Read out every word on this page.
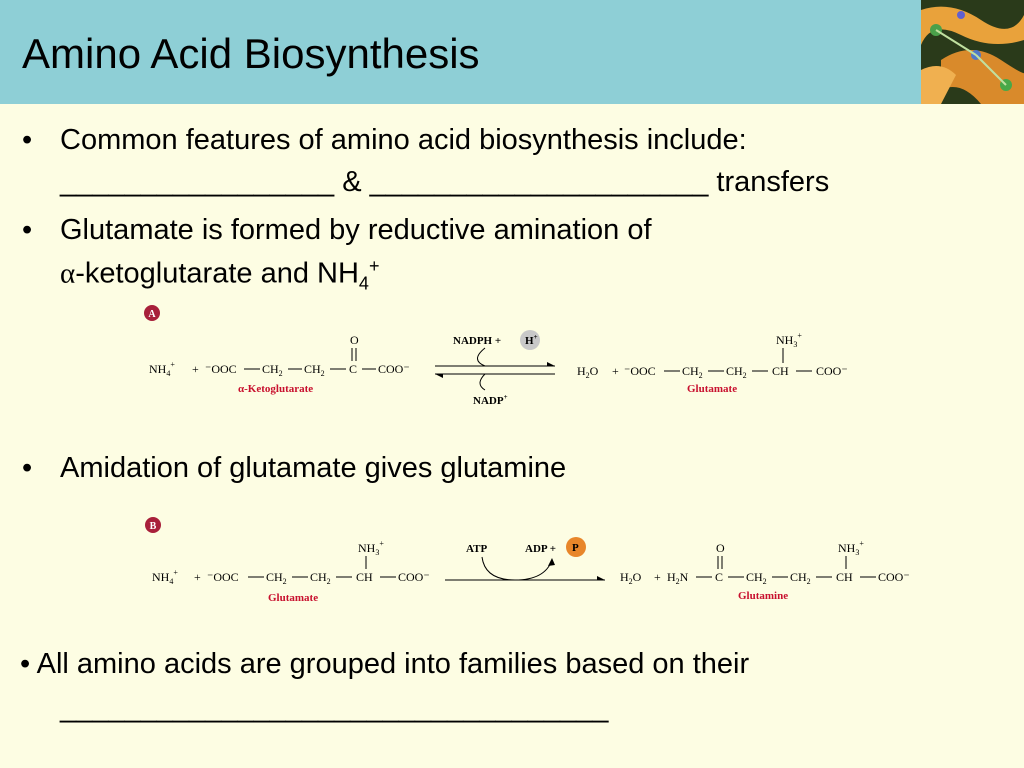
Amino Acid Biosynthesis
• Common features of amino acid biosynthesis include:
_________________ & _____________________ transfers
• Glutamate is formed by reductive amination of
α-ketoglutarate and $NH_4^+$
A
$NH_4^+ + ^-OOC$ $CH_2$ $CH_2$ C
O
COO⁻
α-Ketoglutarate
NADPH + H+
NADP+
$H_2O + ^-OOC$ $CH_2$ $CH_2$ CH
$NH_3^+$
COO⁻
Glutamate
• Amidation of glutamate gives glutamine
B
$NH_4^+ + ^-OOC$ $CH_2$ $CH_2$ CH
$NH_3^+$
COO⁻
Glutamate
ATP	ADP + P
$H_2O + H_2N$ C
O
$CH_2$ $CH_2$ CH
$NH_3^+$
COO⁻
Glutamine
• All amino acids are grouped into families based on their
__________________________________
